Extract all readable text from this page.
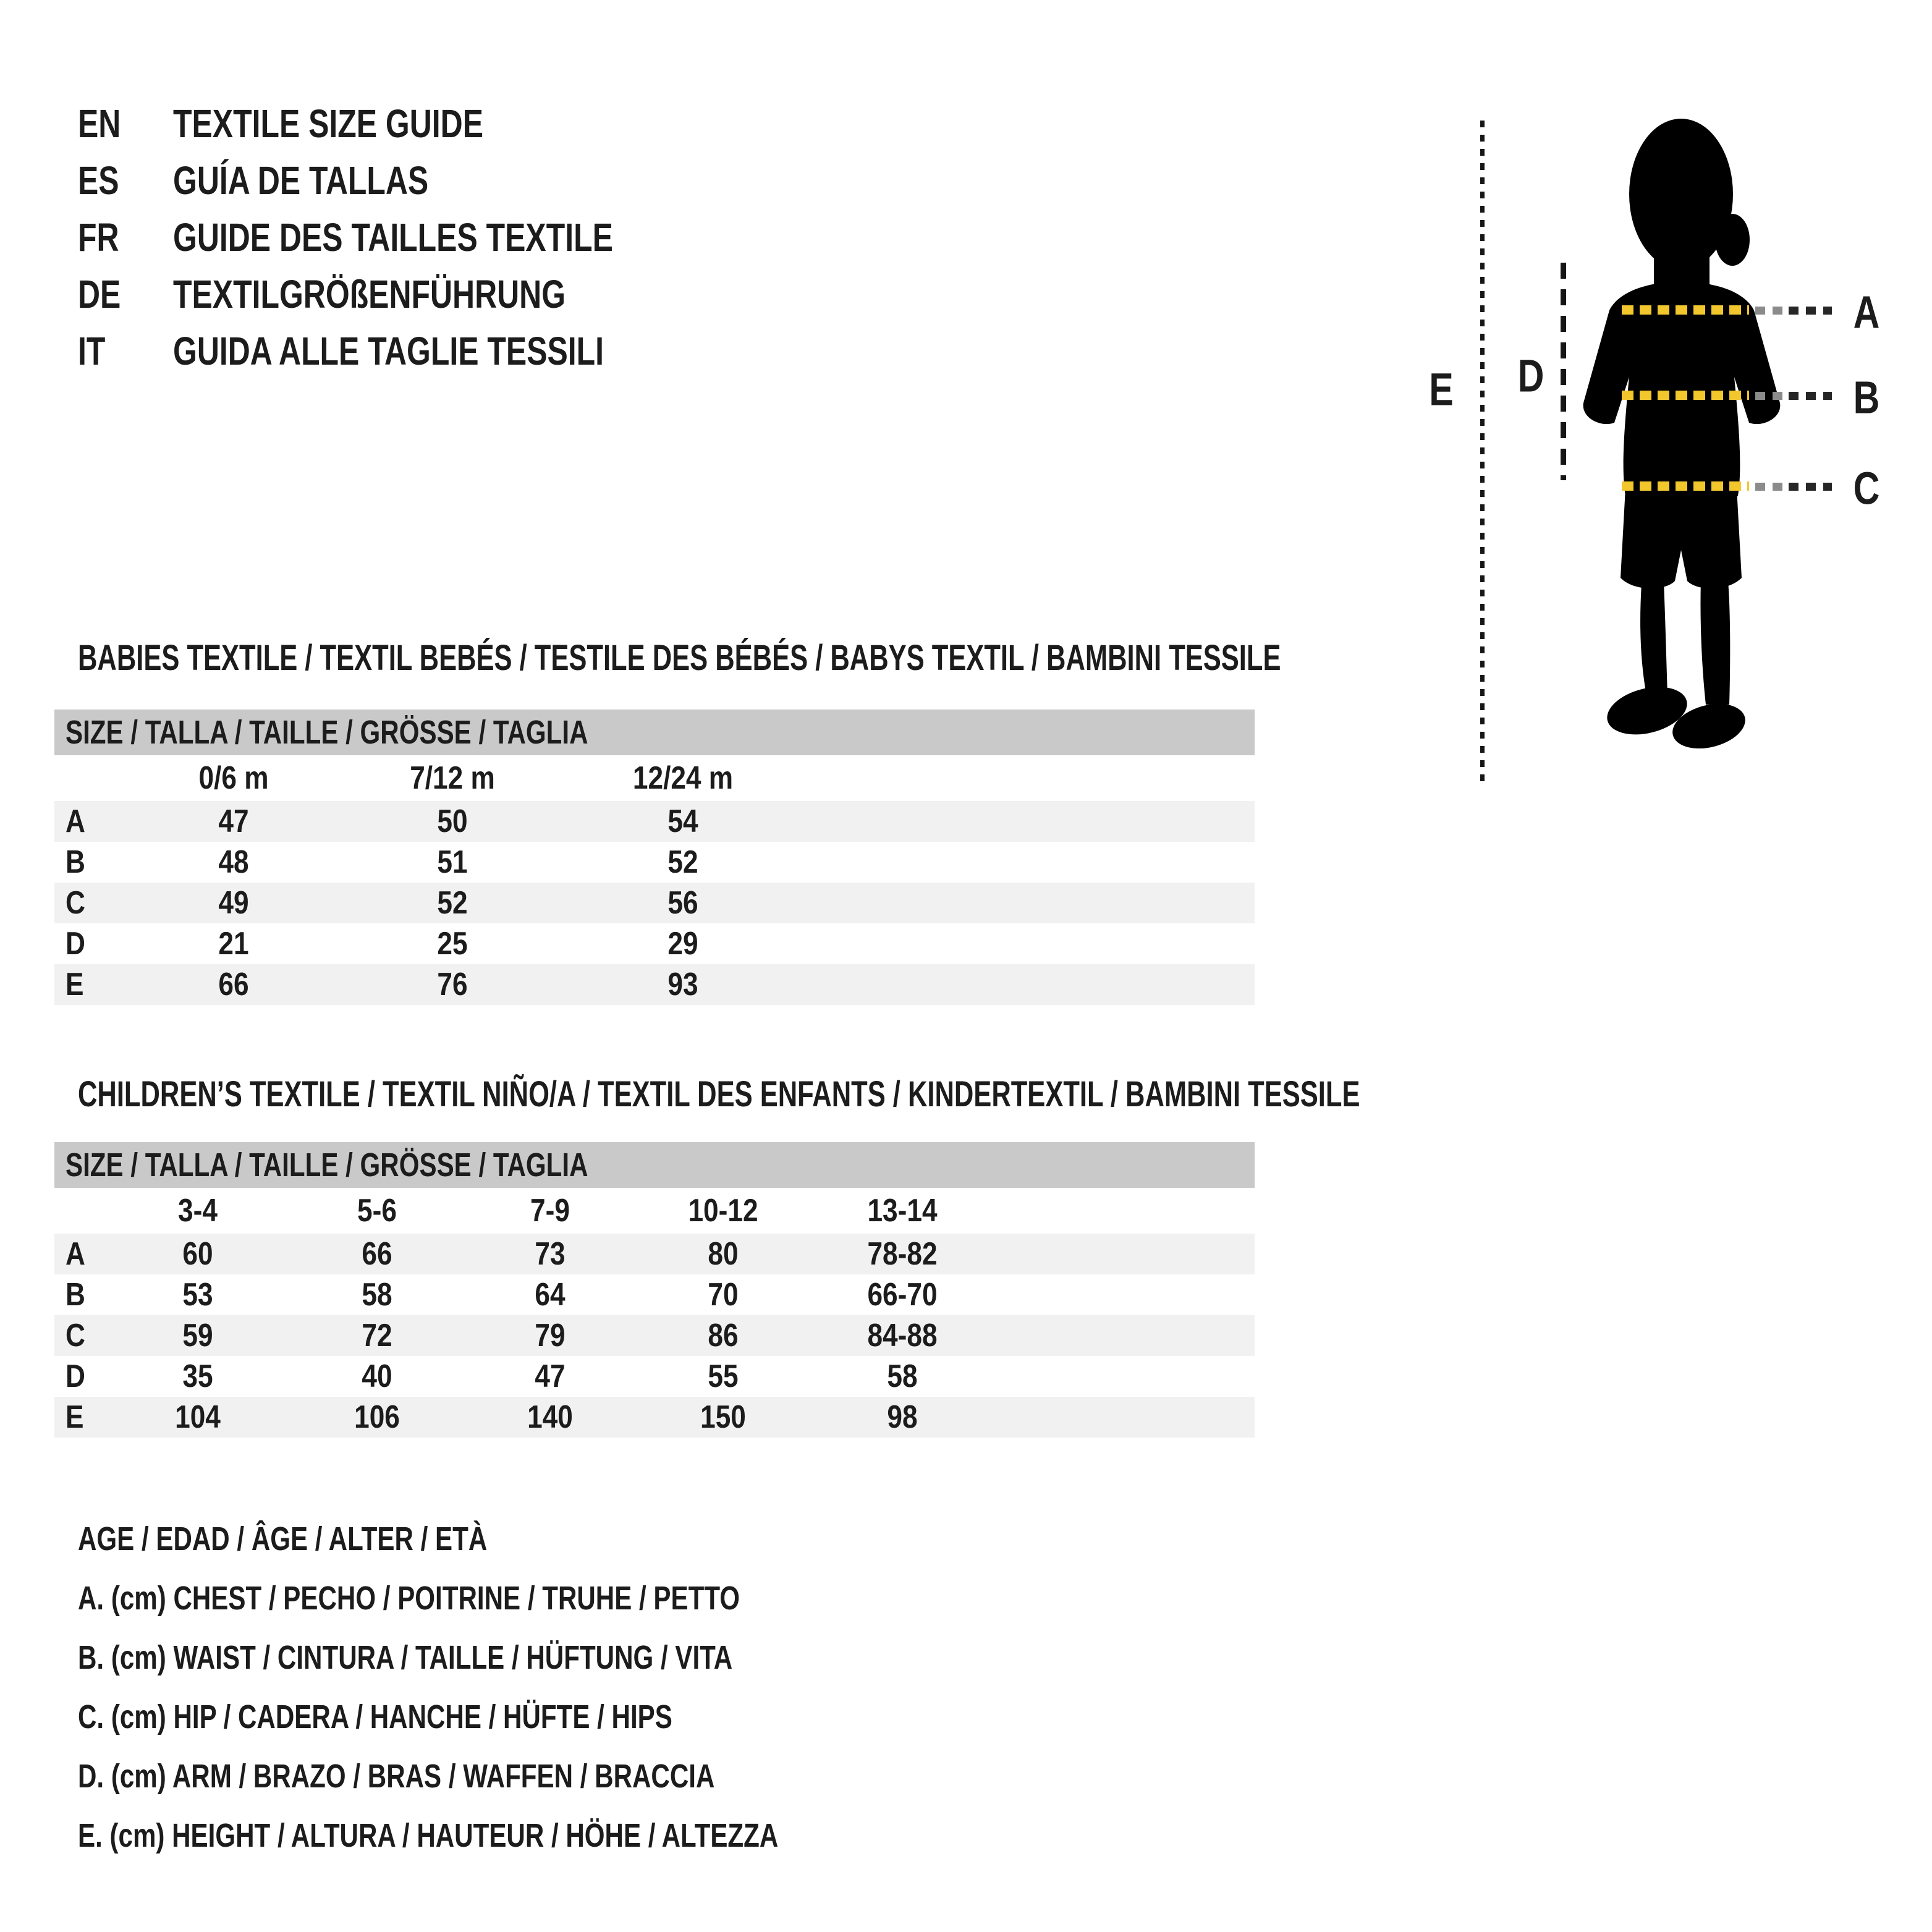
EN	TEXTILE SIZE GUIDE
ES	GUÍA DE TALLAS
FR	GUIDE DES TAILLES TEXTILE
DE	TEXTILGRÖßENFÜHRUNG
IT	GUIDA ALLE TAGLIE TESSILI
E D
A
B
C
BABIES TEXTILE / TEXTIL BEBÉS / TESTILE DES BÉBÉS / BABYS TEXTIL / BAMBINI TESSILE
SIZE / TALLA / TAILLE / GRÖSSE / TAGLIA
0/6 m	7/12 m	12/24 m
A	47	50	54
B	48	51	52
C	49	52	56
D	21	25	29
E	66	76	93
CHILDREN’S TEXTILE / TEXTIL NIÑO/A / TEXTIL DES ENFANTS / KINDERTEXTIL / BAMBINI TESSILE
SIZE / TALLA / TAILLE / GRÖSSE / TAGLIA
3-4	5-6	7-9	10-12	13-14
A	60	66	73	80	78-82
B	53	58	64	70	66-70
C	59	72	79	86	84-88
D	35	40	47	55	58
E	104	106	140	150	98
AGE / EDAD / ÂGE / ALTER / ETÀ
A. (cm) CHEST / PECHO / POITRINE / TRUHE / PETTO
B. (cm) WAIST / CINTURA / TAILLE / HÜFTUNG / VITA
C. (cm) HIP / CADERA / HANCHE / HÜFTE / HIPS
D. (cm) ARM / BRAZO / BRAS / WAFFEN / BRACCIA
E. (cm) HEIGHT / ALTURA / HAUTEUR / HÖHE / ALTEZZA
